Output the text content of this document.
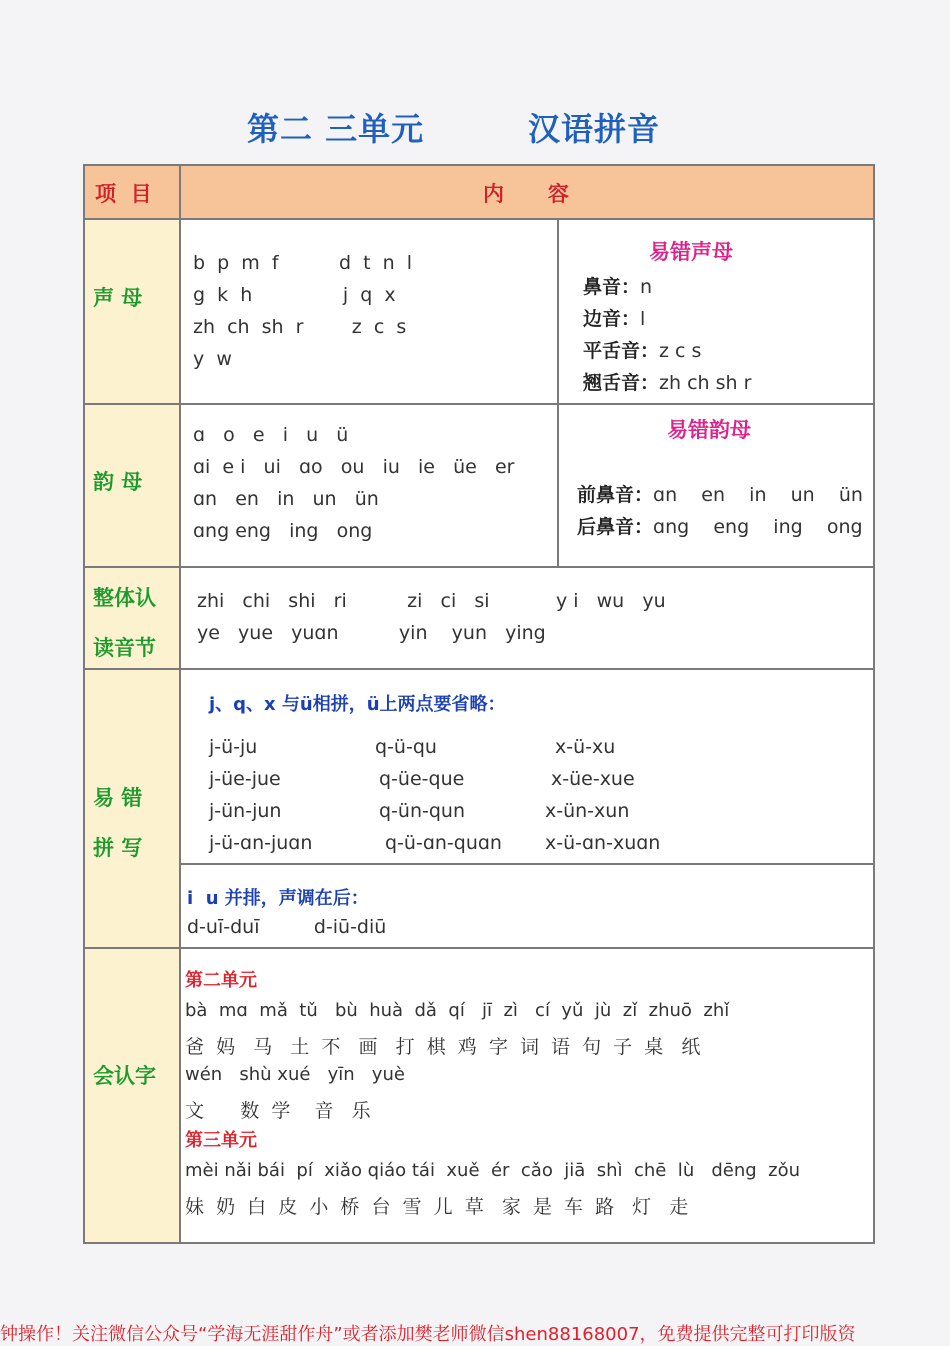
第二 三单元	汉语拼音
项  目	内      容
声 母
b  p  m  f          d  t  n  l
g  k  h               j  q  x
zh  ch  sh  r        z  c  s
y  w
易错声母
鼻音：n
边音：l
平舌音：z c s
翘舌音：zh ch sh r
韵 母
ɑ   o   e   i   u   ü
ɑi  e i   ui   ɑo   ou   iu   ie   üe   er
ɑn   en   in   un   ün
ɑng eng   ing   ong
易错韵母
前鼻音：ɑn    en    in    un    ün
后鼻音：ɑng    eng    ing    ong
整体认
读音节
zhi   chi   shi   ri          zi   ci   si           y i   wu   yu
ye   yue   yuɑn          yin    yun   ying
易 错
拼 写
j、q、x 与ü相拼，ü上两点要省略：
j-ü-ju	q-ü-qu	x-ü-xu
j-üe-jue	q-üe-que	x-üe-xue
j-ün-jun	q-ün-qun	x-ün-xun
j-ü-ɑn-juɑn	q-ü-ɑn-quɑn x-ü-ɑn-xuɑn
i  u 并排，声调在后：
d-uī-duī         d-iū-diū
会认字
第二单元
bà  mɑ  mǎ  tǔ   bù  huà  dǎ  qí   jī  zì   cí  yǔ  jù  zǐ  zhuō  zhǐ
爸  妈   马   土  不   画   打  棋  鸡  字  词  语  句  子  桌   纸
wén   shù xué   yīn   yuè
文      数  学    音   乐
第三单元
mèi nǎi bái  pí  xiǎo qiáo tái  xuě  ér  cǎo  jiā  shì  chē  lù   dēng  zǒu
妹  奶  白  皮  小  桥  台  雪  儿  草   家  是  车  路   灯   走
钟操作！关注微信公众号“学海无涯甜作舟”或者添加樊老师微信shen88168007，免费提供完整可打印版资
